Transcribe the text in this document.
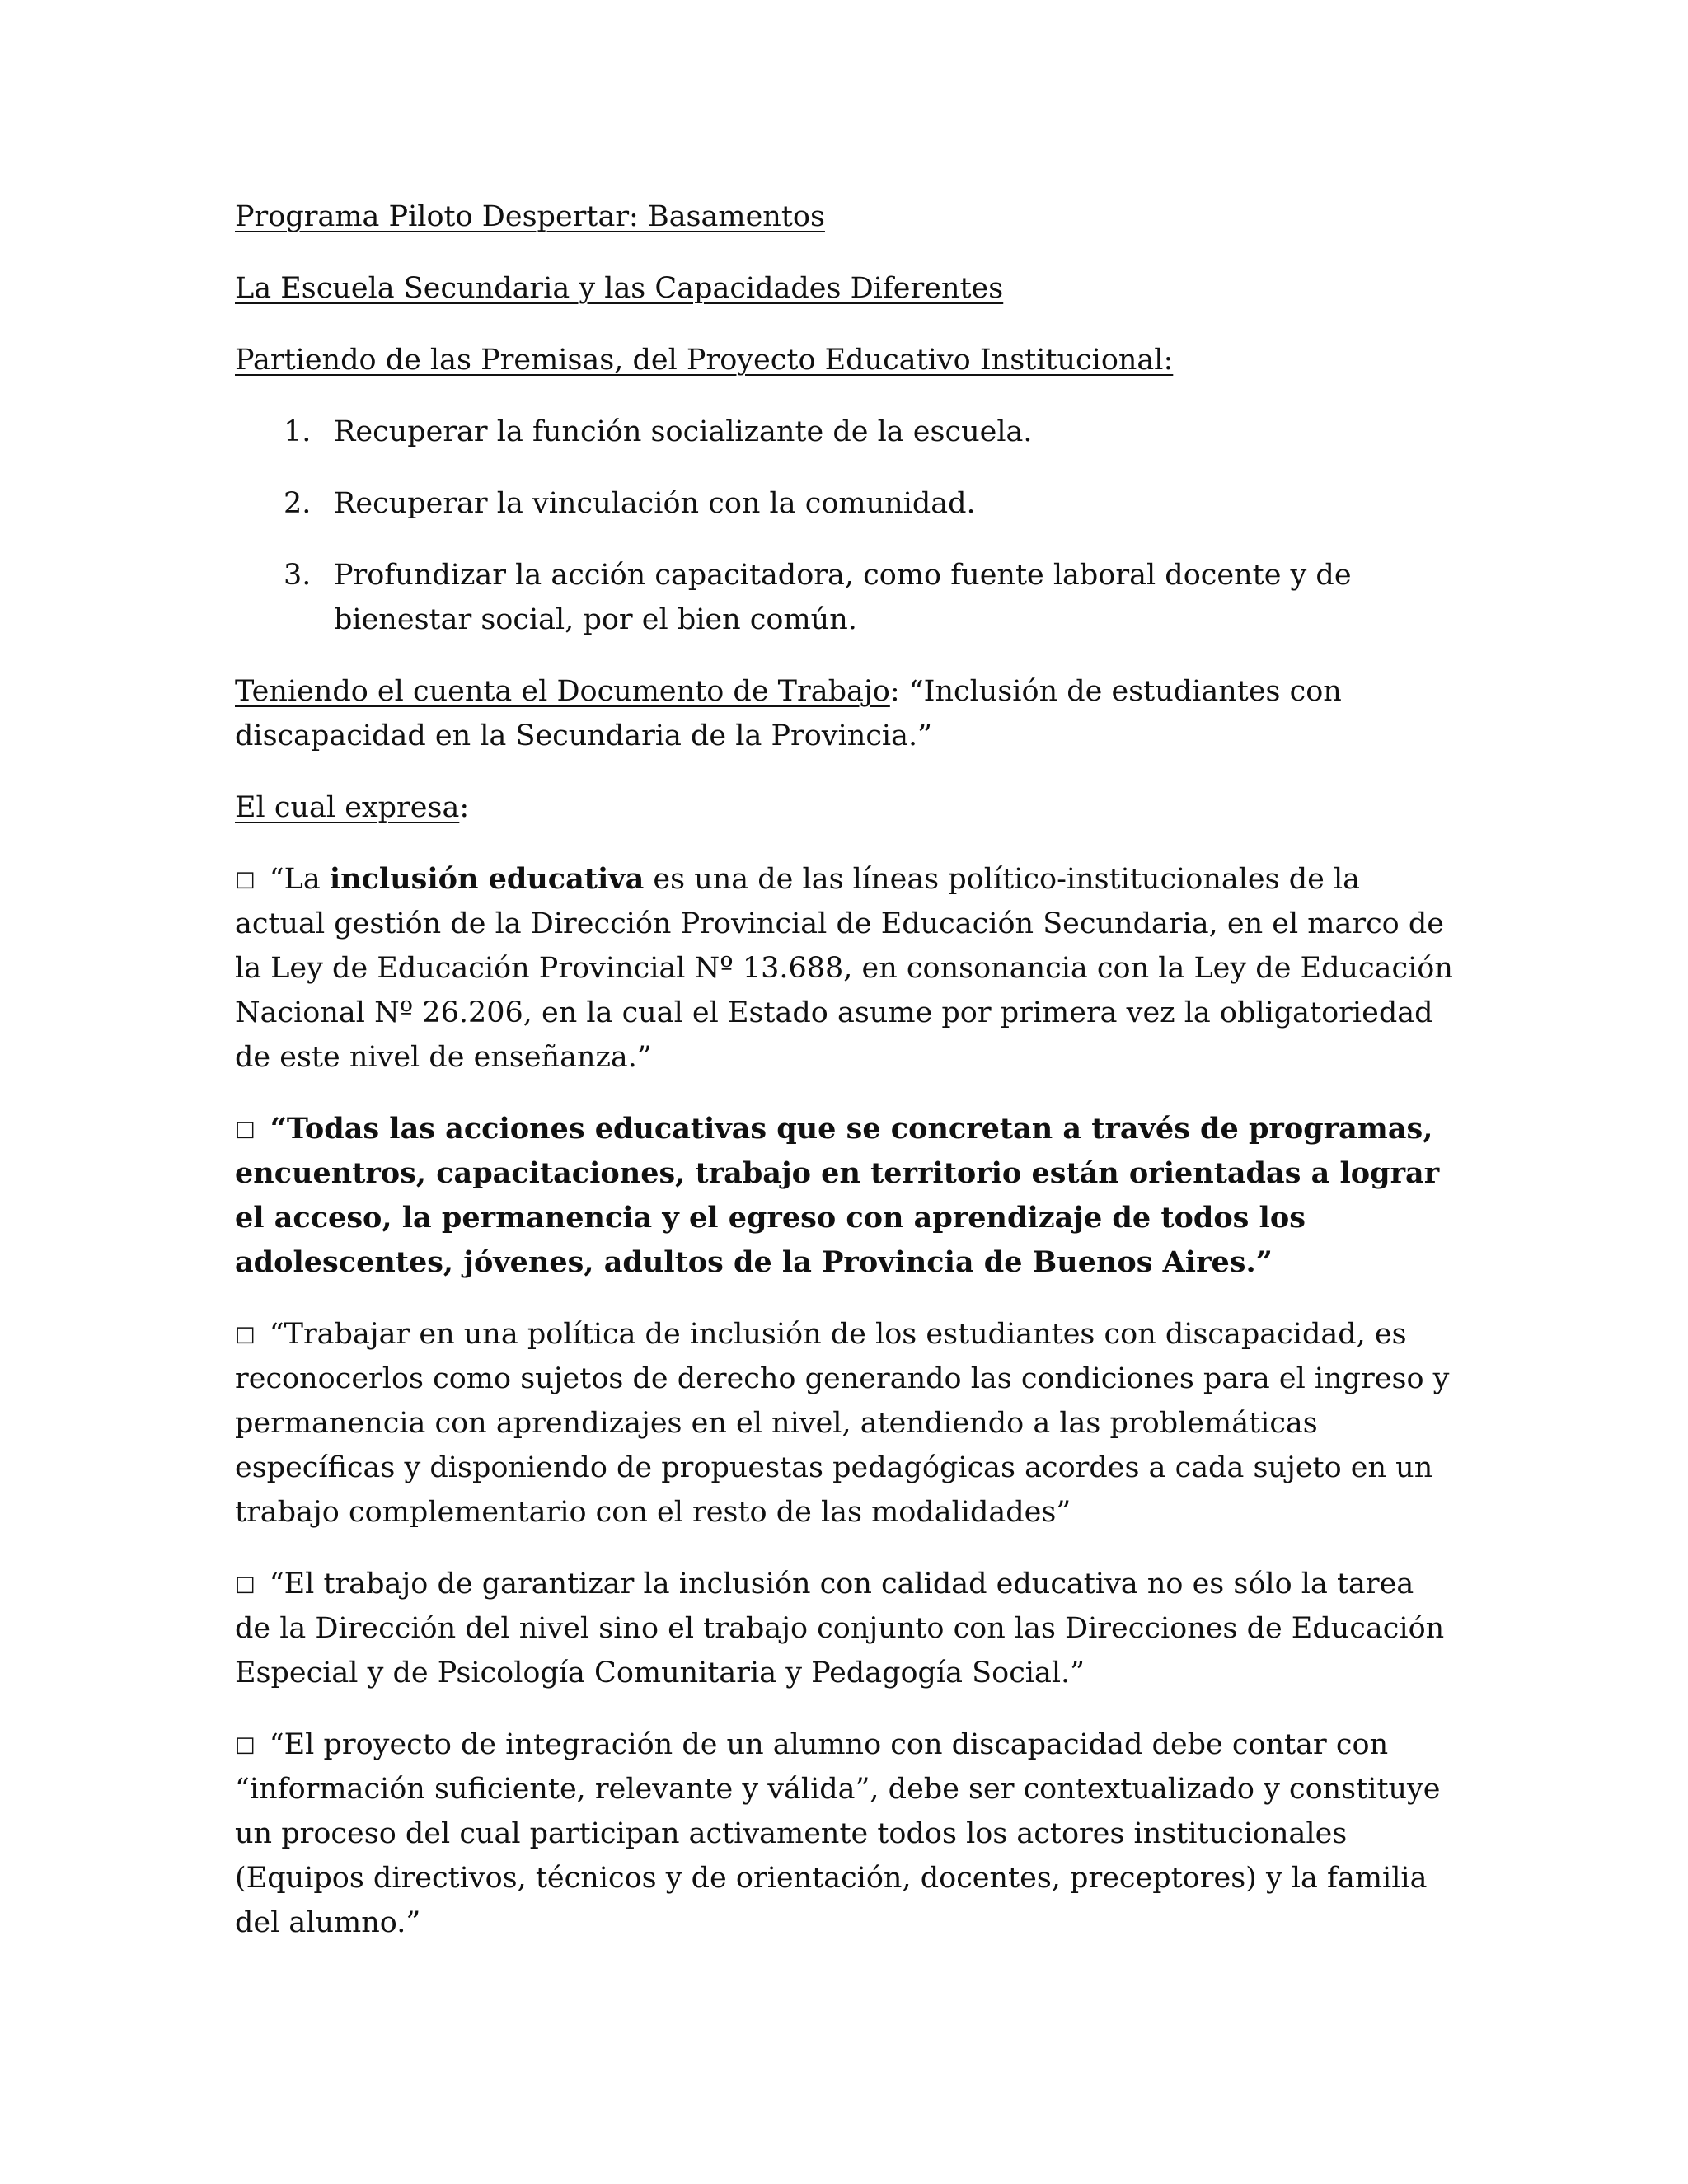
Programa Piloto Despertar: Basamentos

La Escuela Secundaria y las Capacidades Diferentes

Partiendo de las Premisas, del Proyecto Educativo Institucional:

1. Recuperar la función socializante de la escuela.
2. Recuperar la vinculación con la comunidad.
3. Profundizar la acción capacitadora, como fuente laboral docente y de bienestar social, por el bien común.

Teniendo el cuenta el Documento de Trabajo: “Inclusión de estudiantes con discapacidad en la Secundaria de la Provincia.”

El cual expresa:

□ “La inclusión educativa es una de las líneas político-institucionales de la actual gestión de la Dirección Provincial de Educación Secundaria, en el marco de la Ley de Educación Provincial Nº 13.688, en consonancia con la Ley de Educación Nacional Nº 26.206, en la cual el Estado asume por primera vez la obligatoriedad de este nivel de enseñanza.”

□ “Todas las acciones educativas que se concretan a través de programas, encuentros, capacitaciones, trabajo en territorio están orientadas a lograr el acceso, la permanencia y el egreso con aprendizaje de todos los adolescentes, jóvenes, adultos de la Provincia de Buenos Aires.”

□ “Trabajar en una política de inclusión de los estudiantes con discapacidad, es reconocerlos como sujetos de derecho generando las condiciones para el ingreso y permanencia con aprendizajes en el nivel, atendiendo a las problemáticas específicas y disponiendo de propuestas pedagógicas acordes a cada sujeto en un trabajo complementario con el resto de las modalidades”

□ “El trabajo de garantizar la inclusión con calidad educativa no es sólo la tarea de la Dirección del nivel sino el trabajo conjunto con las Direcciones de Educación Especial y de Psicología Comunitaria y Pedagogía Social.”

□ “El proyecto de integración de un alumno con discapacidad debe contar con “información suficiente, relevante y válida”, debe ser contextualizado y constituye un proceso del cual participan activamente todos los actores institucionales (Equipos directivos, técnicos y de orientación, docentes, preceptores) y la familia del alumno.”
